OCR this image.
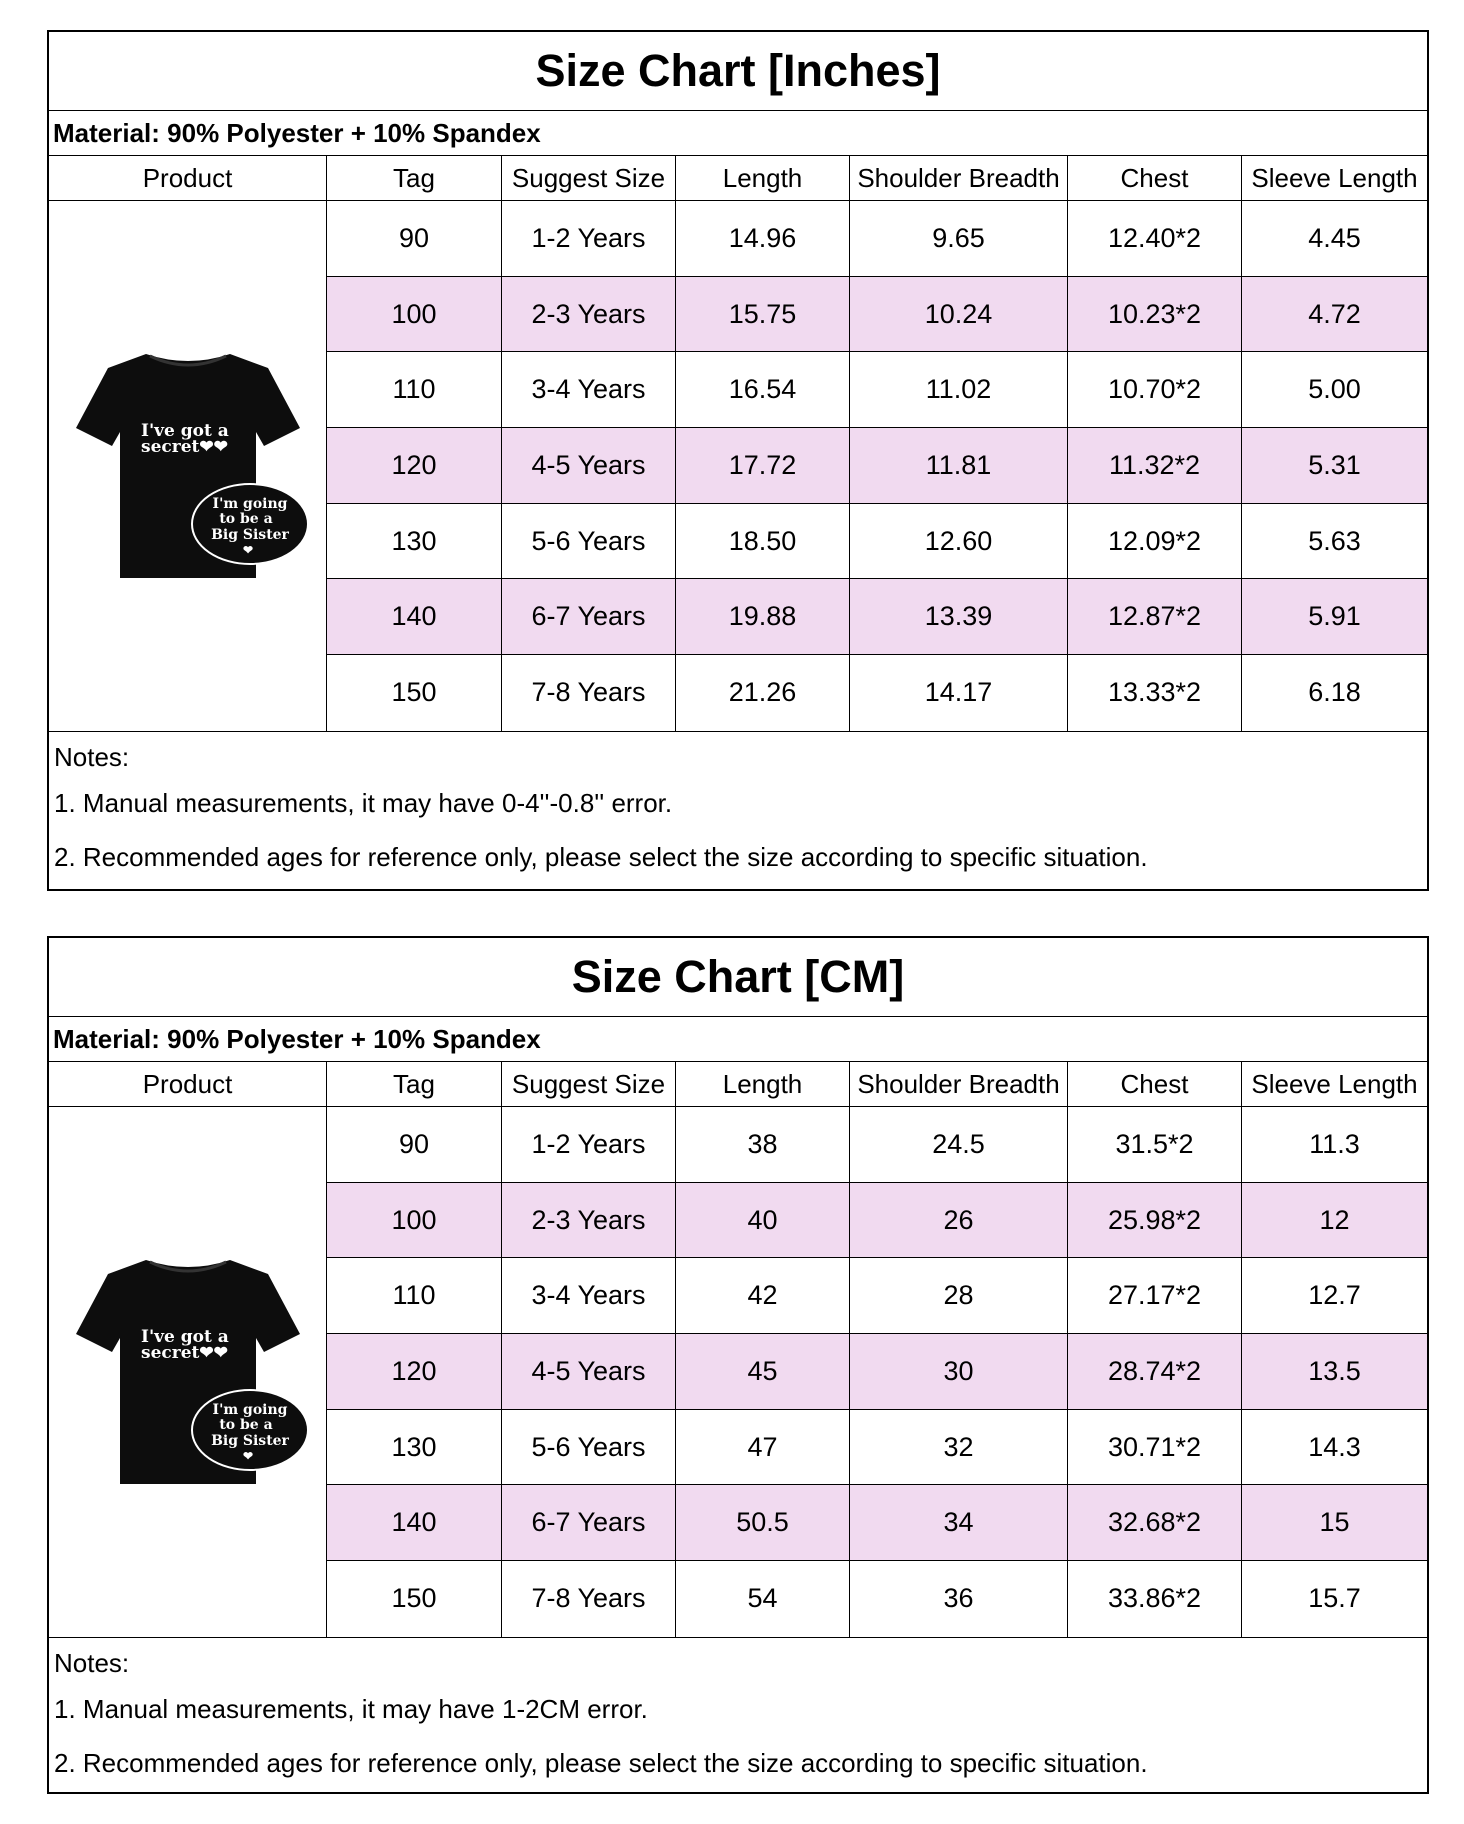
Size Chart [Inches]
Material: 90% Polyester + 10% Spandex
Product	Tag	Suggest Size	Length	Shoulder Breadth	Chest	Sleeve Length
I've got a
secret❤❤
I'm going
to be a
Big Sister
❤
90	1-2 Years	14.96	9.65	12.40*2	4.45
100	2-3 Years	15.75	10.24	10.23*2	4.72
110	3-4 Years	16.54	11.02	10.70*2	5.00
120	4-5 Years	17.72	11.81	11.32*2	5.31
130	5-6 Years	18.50	12.60	12.09*2	5.63
140	6-7 Years	19.88	13.39	12.87*2	5.91
150	7-8 Years	21.26	14.17	13.33*2	6.18
Notes:
1. Manual measurements, it may have 0-4''-0.8'' error.
2. Recommended ages for reference only, please select the size according to specific situation.
Size Chart [CM]
Material: 90% Polyester + 10% Spandex
Product	Tag	Suggest Size	Length	Shoulder Breadth	Chest	Sleeve Length
I've got a
secret❤❤
I'm going
to be a
Big Sister
❤
90	1-2 Years	38	24.5	31.5*2	11.3
100	2-3 Years	40	26	25.98*2	12
110	3-4 Years	42	28	27.17*2	12.7
120	4-5 Years	45	30	28.74*2	13.5
130	5-6 Years	47	32	30.71*2	14.3
140	6-7 Years	50.5	34	32.68*2	15
150	7-8 Years	54	36	33.86*2	15.7
Notes:
1. Manual measurements, it may have 1-2CM error.
2. Recommended ages for reference only, please select the size according to specific situation.
